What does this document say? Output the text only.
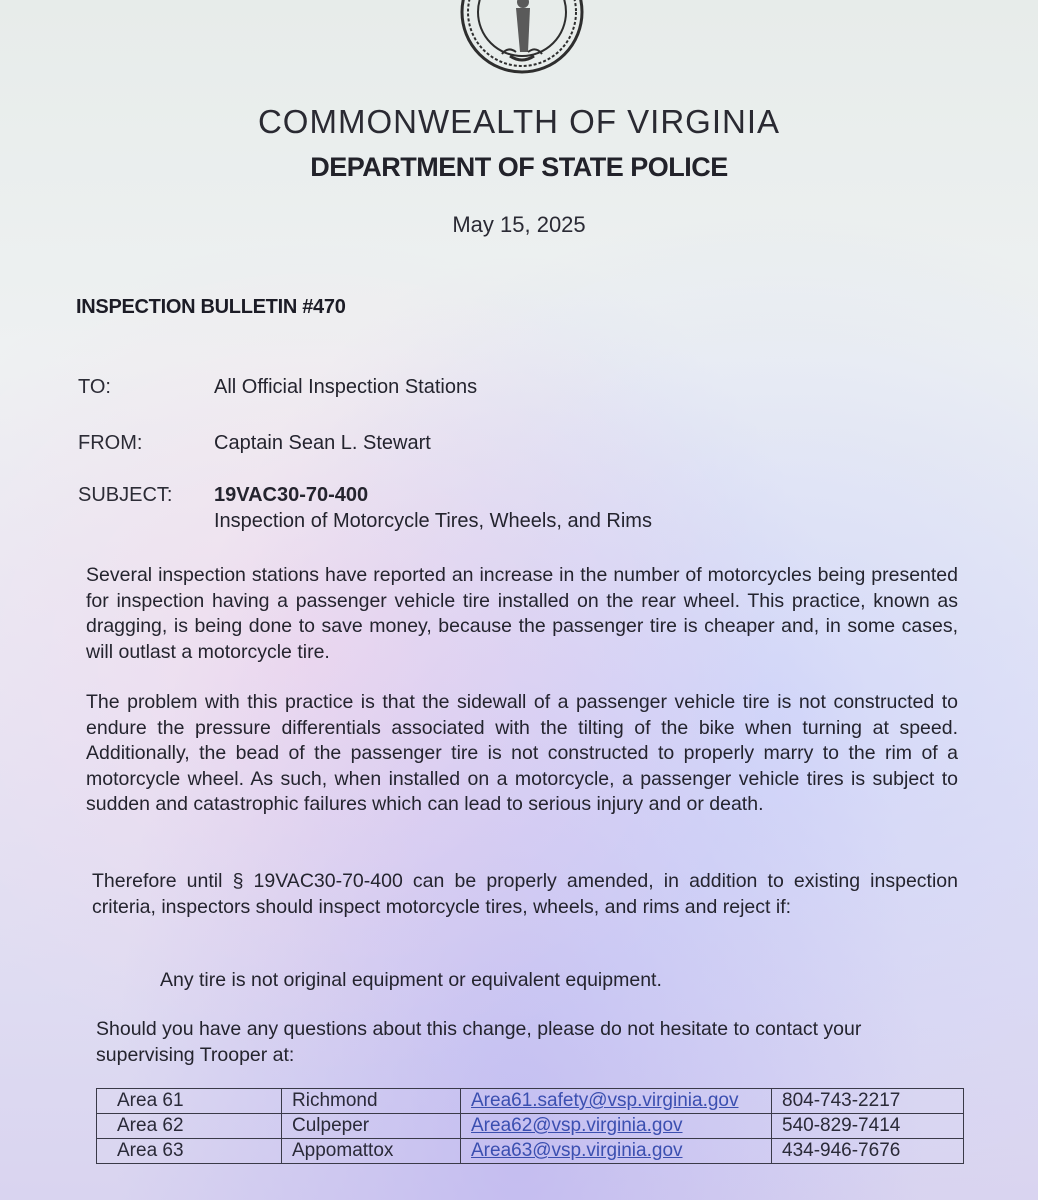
COMMONWEALTH OF VIRGINIA
DEPARTMENT OF STATE POLICE
May 15, 2025
INSPECTION BULLETIN #470
TO:	All Official Inspection Stations
FROM:	Captain Sean L. Stewart
SUBJECT: 19VAC30-70-400
Inspection of Motorcycle Tires, Wheels, and Rims
Several inspection stations have reported an increase in the number of motorcycles being presented for inspection having a passenger vehicle tire installed on the rear wheel. This practice, known as dragging, is being done to save money, because the passenger tire is cheaper and, in some cases, will outlast a motorcycle tire.
The problem with this practice is that the sidewall of a passenger vehicle tire is not constructed to endure the pressure differentials associated with the tilting of the bike when turning at speed. Additionally, the bead of the passenger tire is not constructed to properly marry to the rim of a motorcycle wheel. As such, when installed on a motorcycle, a passenger vehicle tires is subject to sudden and catastrophic failures which can lead to serious injury and or death.
Therefore until § 19VAC30-70-400 can be properly amended, in addition to existing inspection criteria, inspectors should inspect motorcycle tires, wheels, and rims and reject if:
Any tire is not original equipment or equivalent equipment.
Should you have any questions about this change, please do not hesitate to contact your supervising Trooper at:
Area 61	Richmond	Area61.safety@vsp.virginia.gov	804-743-2217
Area 62	Culpeper	Area62@vsp.virginia.gov	540-829-7414
Area 63	Appomattox	Area63@vsp.virginia.gov	434-946-7676
